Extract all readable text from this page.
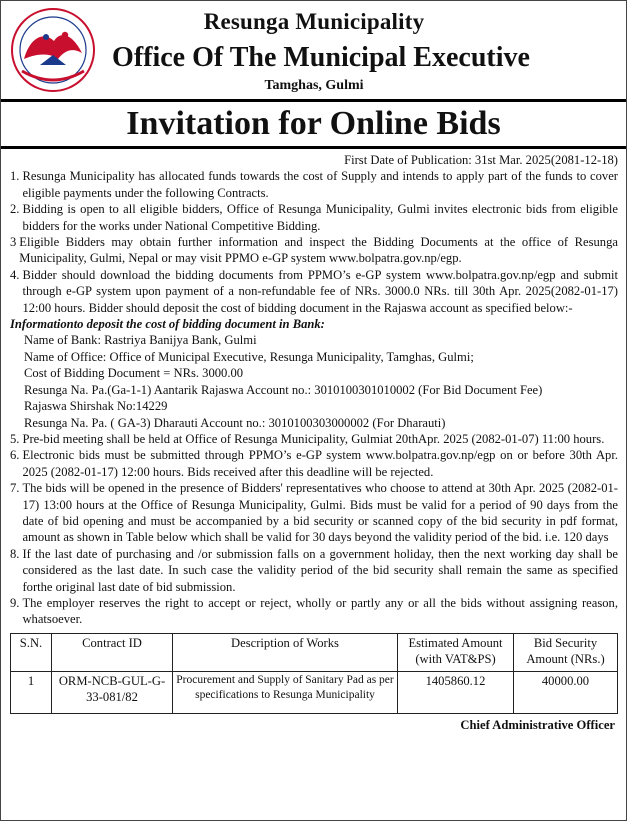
Resunga Municipality
Office Of The Municipal Executive
Tamghas, Gulmi
Invitation for Online Bids
First Date of Publication: 31st Mar. 2025(2081-12-18)
1. Resunga Municipality has allocated funds towards the cost of Supply and intends to apply part of the funds to cover eligible payments under the following Contracts.
2. Bidding is open to all eligible bidders, Office of Resunga Municipality, Gulmi invites electronic bids from eligible bidders for the works under National Competitive Bidding.
3 Eligible Bidders may obtain further information and inspect the Bidding Documents at the office of Resunga Municipality, Gulmi, Nepal or may visit PPMO e-GP system www.bolpatra.gov.np/egp.
4. Bidder should download the bidding documents from PPMO’s e-GP system www.bolpatra.gov.np/egp and submit through e-GP system upon payment of a non-refundable fee of NRs. 3000.0 NRs. till 30th Apr. 2025(2082-01-17) 12:00 hours. Bidder should deposit the cost of bidding document in the Rajaswa account as specified below:-
Informationto deposit the cost of bidding document in Bank:
Name of Bank: Rastriya Banijya Bank, Gulmi
Name of Office: Office of Municipal Executive, Resunga Municipality, Tamghas, Gulmi;
Cost of Bidding Document = NRs. 3000.00
Resunga Na. Pa.(Ga-1-1) Aantarik Rajaswa Account no.: 3010100301010002 (For Bid Document Fee)
Rajaswa Shirshak No:14229
Resunga Na. Pa. ( GA-3) Dharauti Account no.: 3010100303000002 (For Dharauti)
5. Pre-bid meeting shall be held at Office of Resunga Municipality, Gulmiat 20thApr. 2025 (2082-01-07) 11:00 hours.
6. Electronic bids must be submitted through PPMO’s e-GP system www.bolpatra.gov.np/egp on or before 30th Apr. 2025 (2082-01-17) 12:00 hours. Bids received after this deadline will be rejected.
7. The bids will be opened in the presence of Bidders' representatives who choose to attend at 30th Apr. 2025 (2082-01-17) 13:00 hours at the Office of Resunga Municipality, Gulmi. Bids must be valid for a period of 90 days from the date of bid opening and must be accompanied by a bid security or scanned copy of the bid security in pdf format, amount as shown in Table below which shall be valid for 30 days beyond the validity period of the bid. i.e. 120 days
8. If the last date of purchasing and /or submission falls on a government holiday, then the next working day shall be considered as the last date. In such case the validity period of the bid security shall remain the same as specified forthe original last date of bid submission.
9. The employer reserves the right to accept or reject, wholly or partly any or all the bids without assigning reason, whatsoever.
S.N.	Contract ID	Description of Works	Estimated Amount (with VAT&PS)	Bid Security Amount (NRs.)
1	ORM-NCB-GUL-G-33-081/82	Procurement and Supply of Sanitary Pad as per specifications to Resunga Municipality	1405860.12	40000.00
Chief Administrative Officer
